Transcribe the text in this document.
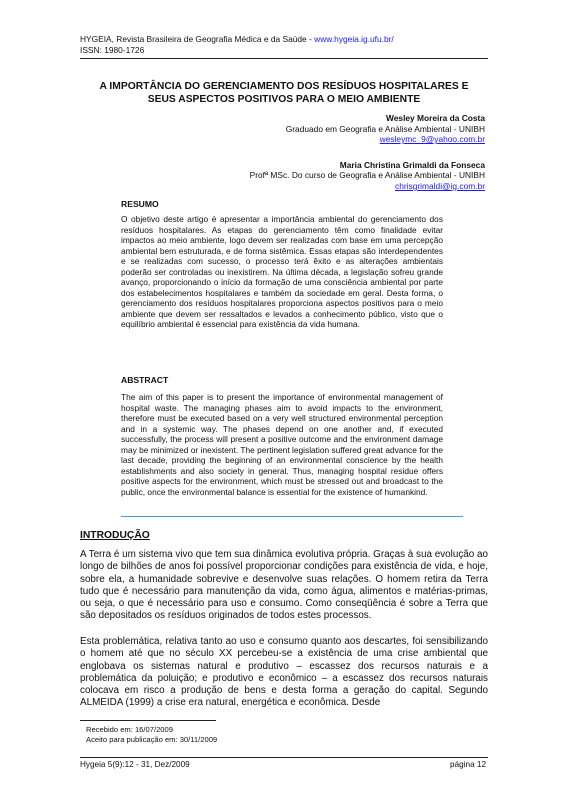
HYGEIA, Revista Brasileira de Geografia Médica e da Saúde - www.hygeia.ig.ufu.br/
ISSN: 1980-1726
A IMPORTÂNCIA DO GERENCIAMENTO DOS RESÍDUOS HOSPITALARES E
SEUS ASPECTOS POSITIVOS PARA O MEIO AMBIENTE
Wesley Moreira da Costa
Graduado em Geografia e Análise Ambiental - UNIBH
wesleymc_9@yahoo.com.br
Maria Christina Grimaldi da Fonseca
Profª MSc. Do curso de Geografia e Análise Ambiental - UNIBH
chrisgrimaldi@ig.com.br
RESUMO
O objetivo deste artigo é apresentar a importância ambiental do gerenciamento dos resíduos hospitalares. As etapas do gerenciamento têm como finalidade evitar impactos ao meio ambiente, logo devem ser realizadas com base em uma percepção ambiental bem estruturada, e de forma sistêmica. Essas etapas são interdependentes e se realizadas com sucesso, o processo terá êxito e as alterações ambientais poderão ser controladas ou inexistirem. Na última década, a legislação sofreu grande avanço, proporcionando o início da formação de uma consciência ambiental por parte dos estabelecimentos hospitalares e também da sociedade em geral. Desta forma, o gerenciamento dos resíduos hospitalares proporciona aspectos positivos para o meio ambiente que devem ser ressaltados e levados a conhecimento público, visto que o equilíbrio ambiental é essencial para existência da vida humana.
ABSTRACT
The aim of this paper is to present the importance of environmental management of hospital waste. The managing phases aim to avoid impacts to the environment, therefore must be executed based on a very well structured environmental perception and in a systemic way. The phases depend on one another and, if executed successfully, the process will present a positive outcome and the environment damage may be minimized or inexistent. The pertinent legislation suffered great advance for the last decade, providing the beginning of an environmental conscience by the health establishments and also society in general. Thus, managing hospital residue offers positive aspects for the environment, which must be stressed out and broadcast to the public, once the environmental balance is essential for the existence of humankind.
INTRODUÇÃO

A Terra é um sistema vivo que tem sua dinâmica evolutiva própria. Graças à sua evolução ao longo de bilhões de anos foi possível proporcionar condições para existência de vida, e hoje, sobre ela, a humanidade sobrevive e desenvolve suas relações. O homem retira da Terra tudo que é necessário para manutenção da vida, como água, alimentos e matérias-primas, ou seja, o que é necessário para uso e consumo. Como conseqüência é sobre a Terra que são depositados os resíduos originados de todos estes processos.

Esta problemática, relativa tanto ao uso e consumo quanto aos descartes, foi sensibilizando o homem até que no século XX percebeu-se a existência de uma crise ambiental que englobava os sistemas natural e produtivo – escassez dos recursos naturais e a problemática da poluição; e produtivo e econômico – a escassez dos recursos naturais colocava em risco a produção de bens e desta forma a geração do capital. Segundo ALMEIDA (1999) a crise era natural, energética e econômica. Desde

Recebido em: 16/07/2009
Aceito para publicação em: 30/11/2009
Hygeia 5(9):12 - 31, Dez/2009	página 12
